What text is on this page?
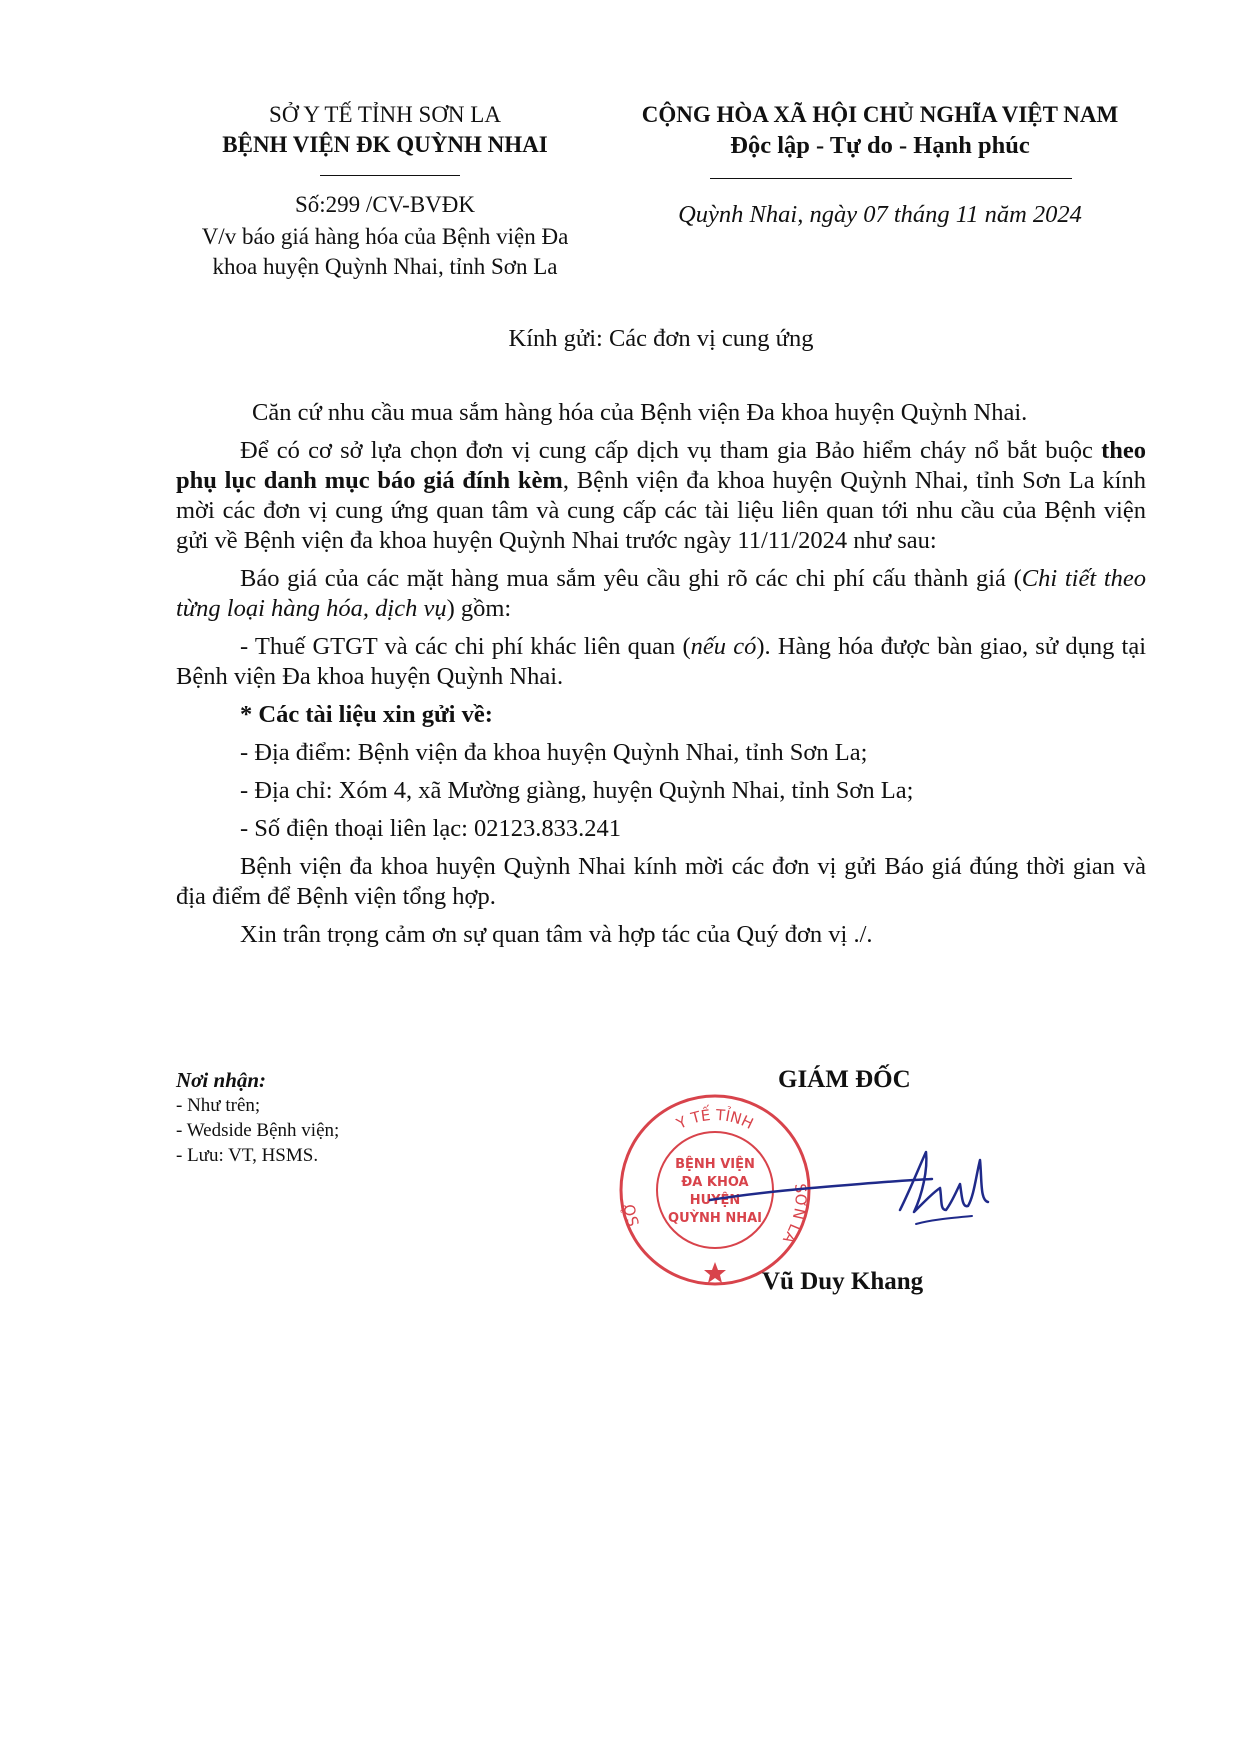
SỞ Y TẾ TỈNH SƠN LA
BỆNH VIỆN ĐK QUỲNH NHAI
Số:299 /CV-BVĐK
V/v báo giá hàng hóa của Bệnh viện Đa
khoa huyện Quỳnh Nhai, tỉnh Sơn La
CỘNG HÒA XÃ HỘI CHỦ NGHĨA VIỆT NAM
Độc lập - Tự do - Hạnh phúc
Quỳnh Nhai, ngày 07 tháng 11 năm 2024
Kính gửi: Các đơn vị cung ứng

Căn cứ nhu cầu mua sắm hàng hóa của Bệnh viện Đa khoa huyện Quỳnh Nhai.

Để có cơ sở lựa chọn đơn vị cung cấp dịch vụ tham gia Bảo hiểm cháy nổ bắt buộc theo phụ lục danh mục báo giá đính kèm, Bệnh viện đa khoa huyện Quỳnh Nhai, tỉnh Sơn La kính mời các đơn vị cung ứng quan tâm và cung cấp các tài liệu liên quan tới nhu cầu của Bệnh viện gửi về Bệnh viện đa khoa huyện Quỳnh Nhai trước ngày 11/11/2024 như sau:

Báo giá của các mặt hàng mua sắm yêu cầu ghi rõ các chi phí cấu thành giá (Chi tiết theo từng loại hàng hóa, dịch vụ) gồm:

- Thuế GTGT và các chi phí khác liên quan (nếu có). Hàng hóa được bàn giao, sử dụng tại Bệnh viện Đa khoa huyện Quỳnh Nhai.

* Các tài liệu xin gửi về:

- Địa điểm: Bệnh viện đa khoa huyện Quỳnh Nhai, tỉnh Sơn La;

- Địa chỉ: Xóm 4, xã Mường giàng, huyện Quỳnh Nhai, tỉnh Sơn La;

- Số điện thoại liên lạc: 02123.833.241

Bệnh viện đa khoa huyện Quỳnh Nhai kính mời các đơn vị gửi Báo giá đúng thời gian và địa điểm để Bệnh viện tổng hợp.

Xin trân trọng cảm ơn sự quan tâm và hợp tác của Quý đơn vị ./.

Nơi nhận:
- Như trên;
- Wedside Bệnh viện;
- Lưu: VT, HSMS.
GIÁM ĐỐC
Y TẾ TỈNH
SỞ
SƠN LA
BỆNH VIỆN
ĐA KHOA
HUYỆN
QUỲNH NHAI
Vũ Duy Khang
